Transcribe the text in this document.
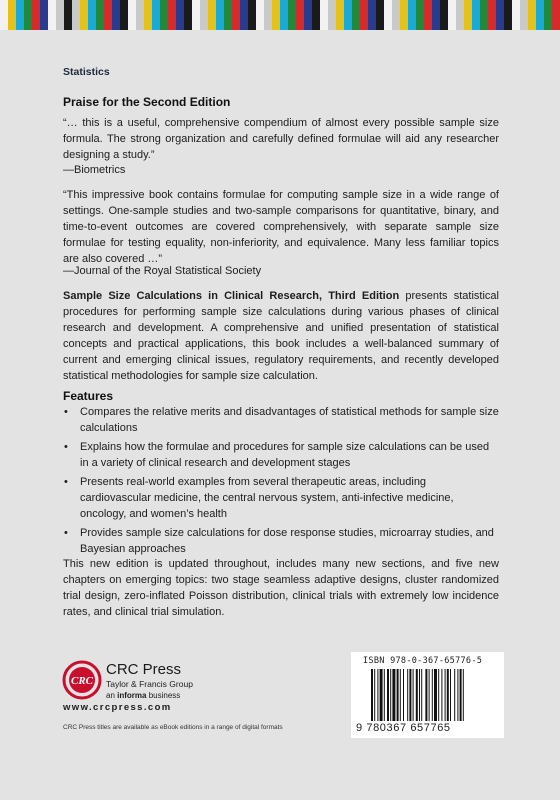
Statistics
Praise for the Second Edition

“… this is a useful, comprehensive compendium of almost every possible sample size formula. The strong organization and carefully defined formulae will aid any researcher designing a study.”

—Biometrics

“This impressive book contains formulae for computing sample size in a wide range of settings. One-sample studies and two-sample comparisons for quantitative, binary, and time-to-event outcomes are covered comprehensively, with separate sample size formulae for testing equality, non-inferiority, and equivalence. Many less familiar topics are also covered …”

—Journal of the Royal Statistical Society

Sample Size Calculations in Clinical Research, Third Edition presents statistical procedures for performing sample size calculations during various phases of clinical research and development. A comprehensive and unified presentation of statistical concepts and practical applications, this book includes a well-balanced summary of current and emerging clinical issues, regulatory requirements, and recently developed statistical methodologies for sample size calculation.

Features
• Compares the relative merits and disadvantages of statistical methods for sample size calculations
• Explains how the formulae and procedures for sample size calculations can be used in a variety of clinical research and development stages
• Presents real-world examples from several therapeutic areas, including cardiovascular medicine, the central nervous system, anti-infective medicine, oncology, and women’s health
• Provides sample size calculations for dose response studies, microarray studies, and Bayesian approaches

This new edition is updated throughout, includes many new sections, and five new chapters on emerging topics: two stage seamless adaptive designs, cluster randomized trial design, zero-inflated Poisson distribution, clinical trials with extremely low incidence rates, and clinical trial simulation.

CRC
CRC Press
Taylor & Francis Group
an informa business
www.crcpress.com
CRC Press titles are available as eBook editions in a range of digital formats
ISBN 978-0-367-65776-5
9 780367 657765
